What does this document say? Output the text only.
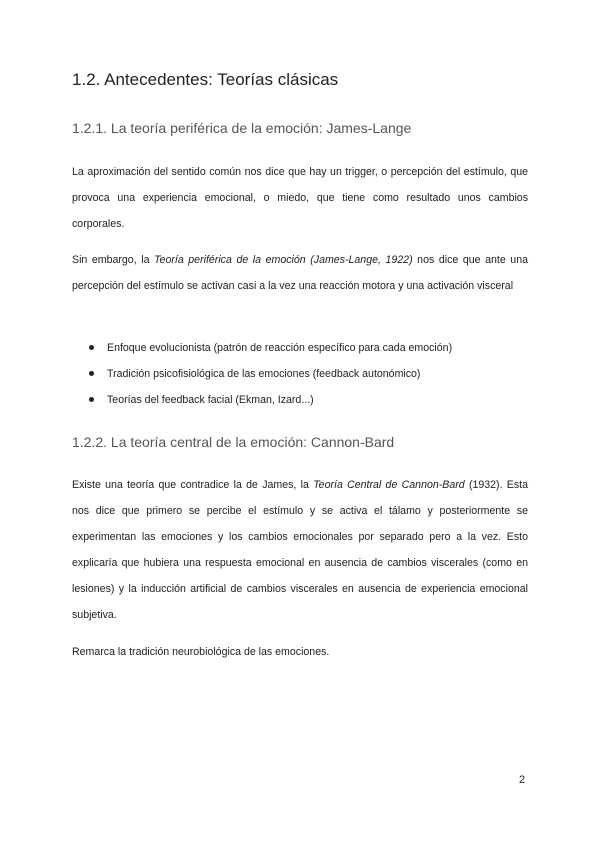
1.2. Antecedentes: Teorías clásicas
1.2.1. La teoría periférica de la emoción: James-Lange

La aproximación del sentido común nos dice que hay un trigger, o percepción del estímulo, que provoca una experiencia emocional, o miedo, que tiene como resultado unos cambios corporales.

Sin embargo, la Teoría periférica de la emoción (James-Lange, 1922) nos dice que ante una percepción del estímulo se activan casi a la vez una reacción motora y una activación visceral

Enfoque evolucionista (patrón de reacción específico para cada emoción)
Tradición psicofisiológica de las emociones (feedback autonómico)
Teorías del feedback facial (Ekman, Izard...)
1.2.2. La teoría central de la emoción: Cannon-Bard

Existe una teoría que contradice la de James, la Teoría Central de Cannon-Bard (1932). Esta nos dice que primero se percibe el estímulo y se activa el tálamo y posteriormente se experimentan las emociones y los cambios emocionales por separado pero a la vez. Esto explicaría que hubiera una respuesta emocional en ausencia de cambios viscerales (como en lesiones) y la inducción artificial de cambios viscerales en ausencia de experiencia emocional subjetiva.

Remarca la tradición neurobiológica de las emociones.

2
